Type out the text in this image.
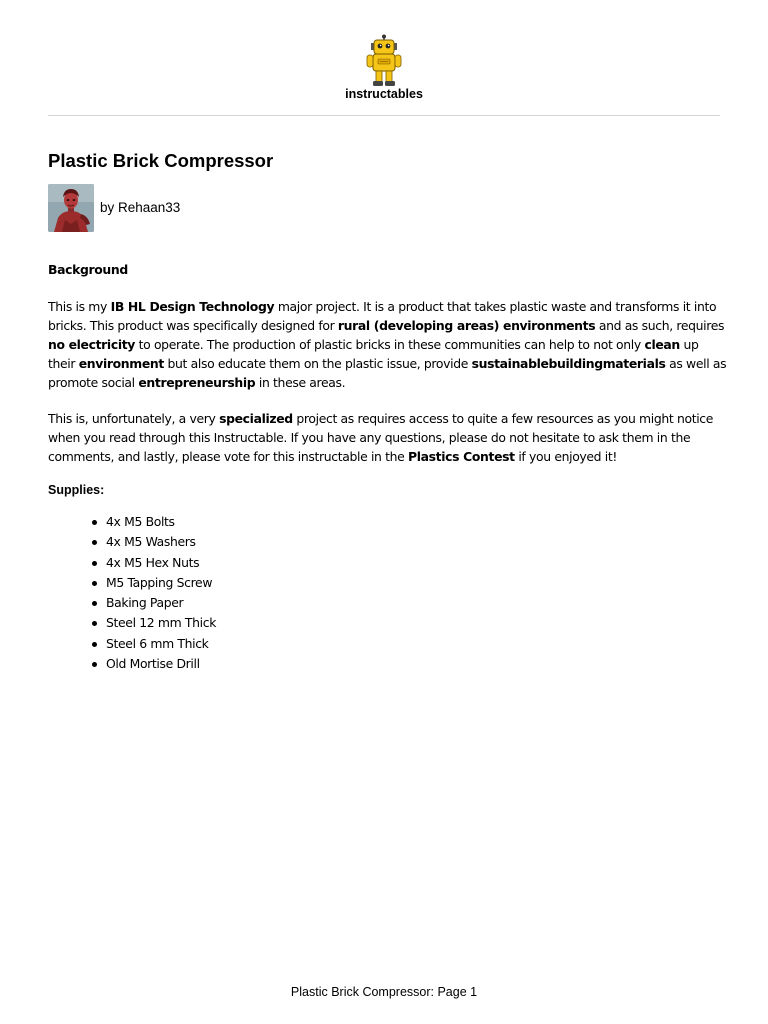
instructables
Plastic Brick Compressor
by Rehaan33

Background

This is my IB HL Design Technology major project. It is a product that takes plastic waste and transforms it into bricks. This product was specifically designed for rural (developing areas) environments and as such, requires no electricity to operate. The production of plastic bricks in these communities can help to not only clean up their environment but also educate them on the plastic issue, provide sustainablebuildingmaterials as well as promote social entrepreneurship in these areas.

This is, unfortunately, a very specialized project as requires access to quite a few resources as you might notice when you read through this Instructable. If you have any questions, please do not hesitate to ask them in the comments, and lastly, please vote for this instructable in the Plastics Contest if you enjoyed it!

Supplies:

4x M5 Bolts
4x M5 Washers
4x M5 Hex Nuts
M5 Tapping Screw
Baking Paper
Steel 12 mm Thick
Steel 6 mm Thick
Old Mortise Drill
Plastic Brick Compressor: Page 1
